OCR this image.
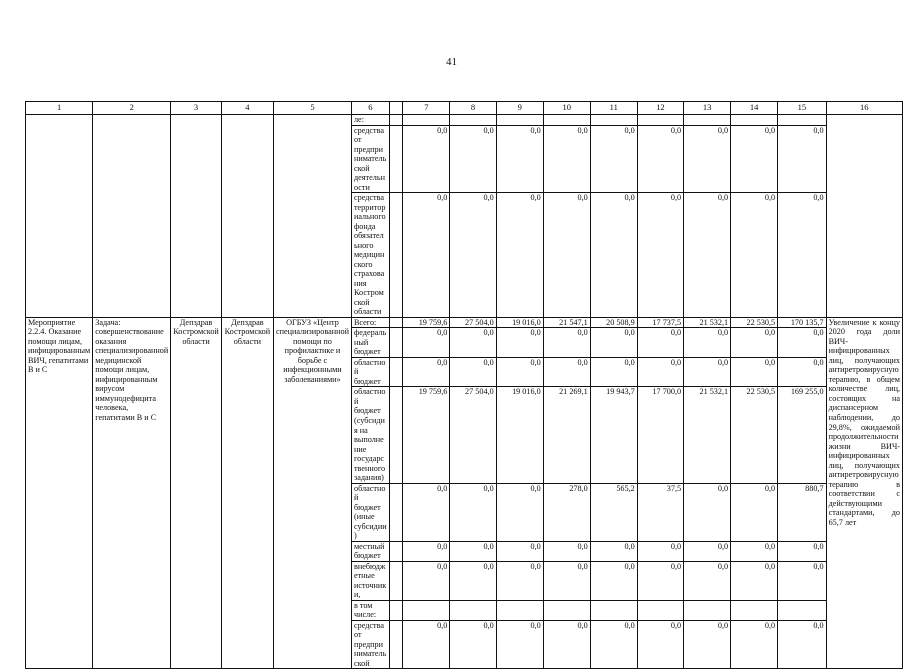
41
1	2	3	4	5	6		7	8	9	10	11	12	13	14	15	16
					ле:											
					средства от предпринимательской деятельности		0,0	0,0	0,0	0,0	0,0	0,0	0,0	0,0	0,0	
					средства территориального фонда обязательного медицинского страхования Костромской области		0,0	0,0	0,0	0,0	0,0	0,0	0,0	0,0	0,0	
Мероприятие 2.2.4. Оказание помощи лицам, инфицированным ВИЧ, гепатитами В и С	Задача: совершенствование оказания специализированной медицинской помощи лицам, инфицированным вирусом иммунодефицита человека, гепатитами В и С	Депздрав Костромской области	Депздрав Костромской области	ОГБУЗ «Центр специализированной помощи по профилактике и борьбе с инфекционными заболеваниями»	Всего:		19 759,6	27 504,0	19 016,0	21 547,1	20 508,9	17 737,5	21 532,1	22 530,5	170 135,7	Увеличение к концу 2020 года доли ВИЧ-инфицированных лиц, получающих антиретровирусную терапию, в общем количестве лиц, состоящих на диспансерном наблюдении, до 29,8%, ожидаемой продолжительности жизни ВИЧ-инфицированных лиц, получающих антиретровирусную терапию в соответствии с действующими стандартами, до 65,7 лет
					федеральный бюджет		0,0	0,0	0,0	0,0	0,0	0,0	0,0	0,0	0,0	
					областной бюджет		0,0	0,0	0,0	0,0	0,0	0,0	0,0	0,0	0,0	
					областной бюджет (субсидия на выполнение государственного задания)		19 759,6	27 504,0	19 016,0	21 269,1	19 943,7	17 700,0	21 532,1	22 530,5	169 255,0	
					областной бюджет (иные субсидии)		0,0	0,0	0,0	278,0	565,2	37,5	0,0	0,0	880,7	
					местный бюджет		0,0	0,0	0,0	0,0	0,0	0,0	0,0	0,0	0,0	
					внебюджетные источники,		0,0	0,0	0,0	0,0	0,0	0,0	0,0	0,0	0,0	
					в том числе:											
					средства от предпринимательской		0,0	0,0	0,0	0,0	0,0	0,0	0,0	0,0	0,0	
